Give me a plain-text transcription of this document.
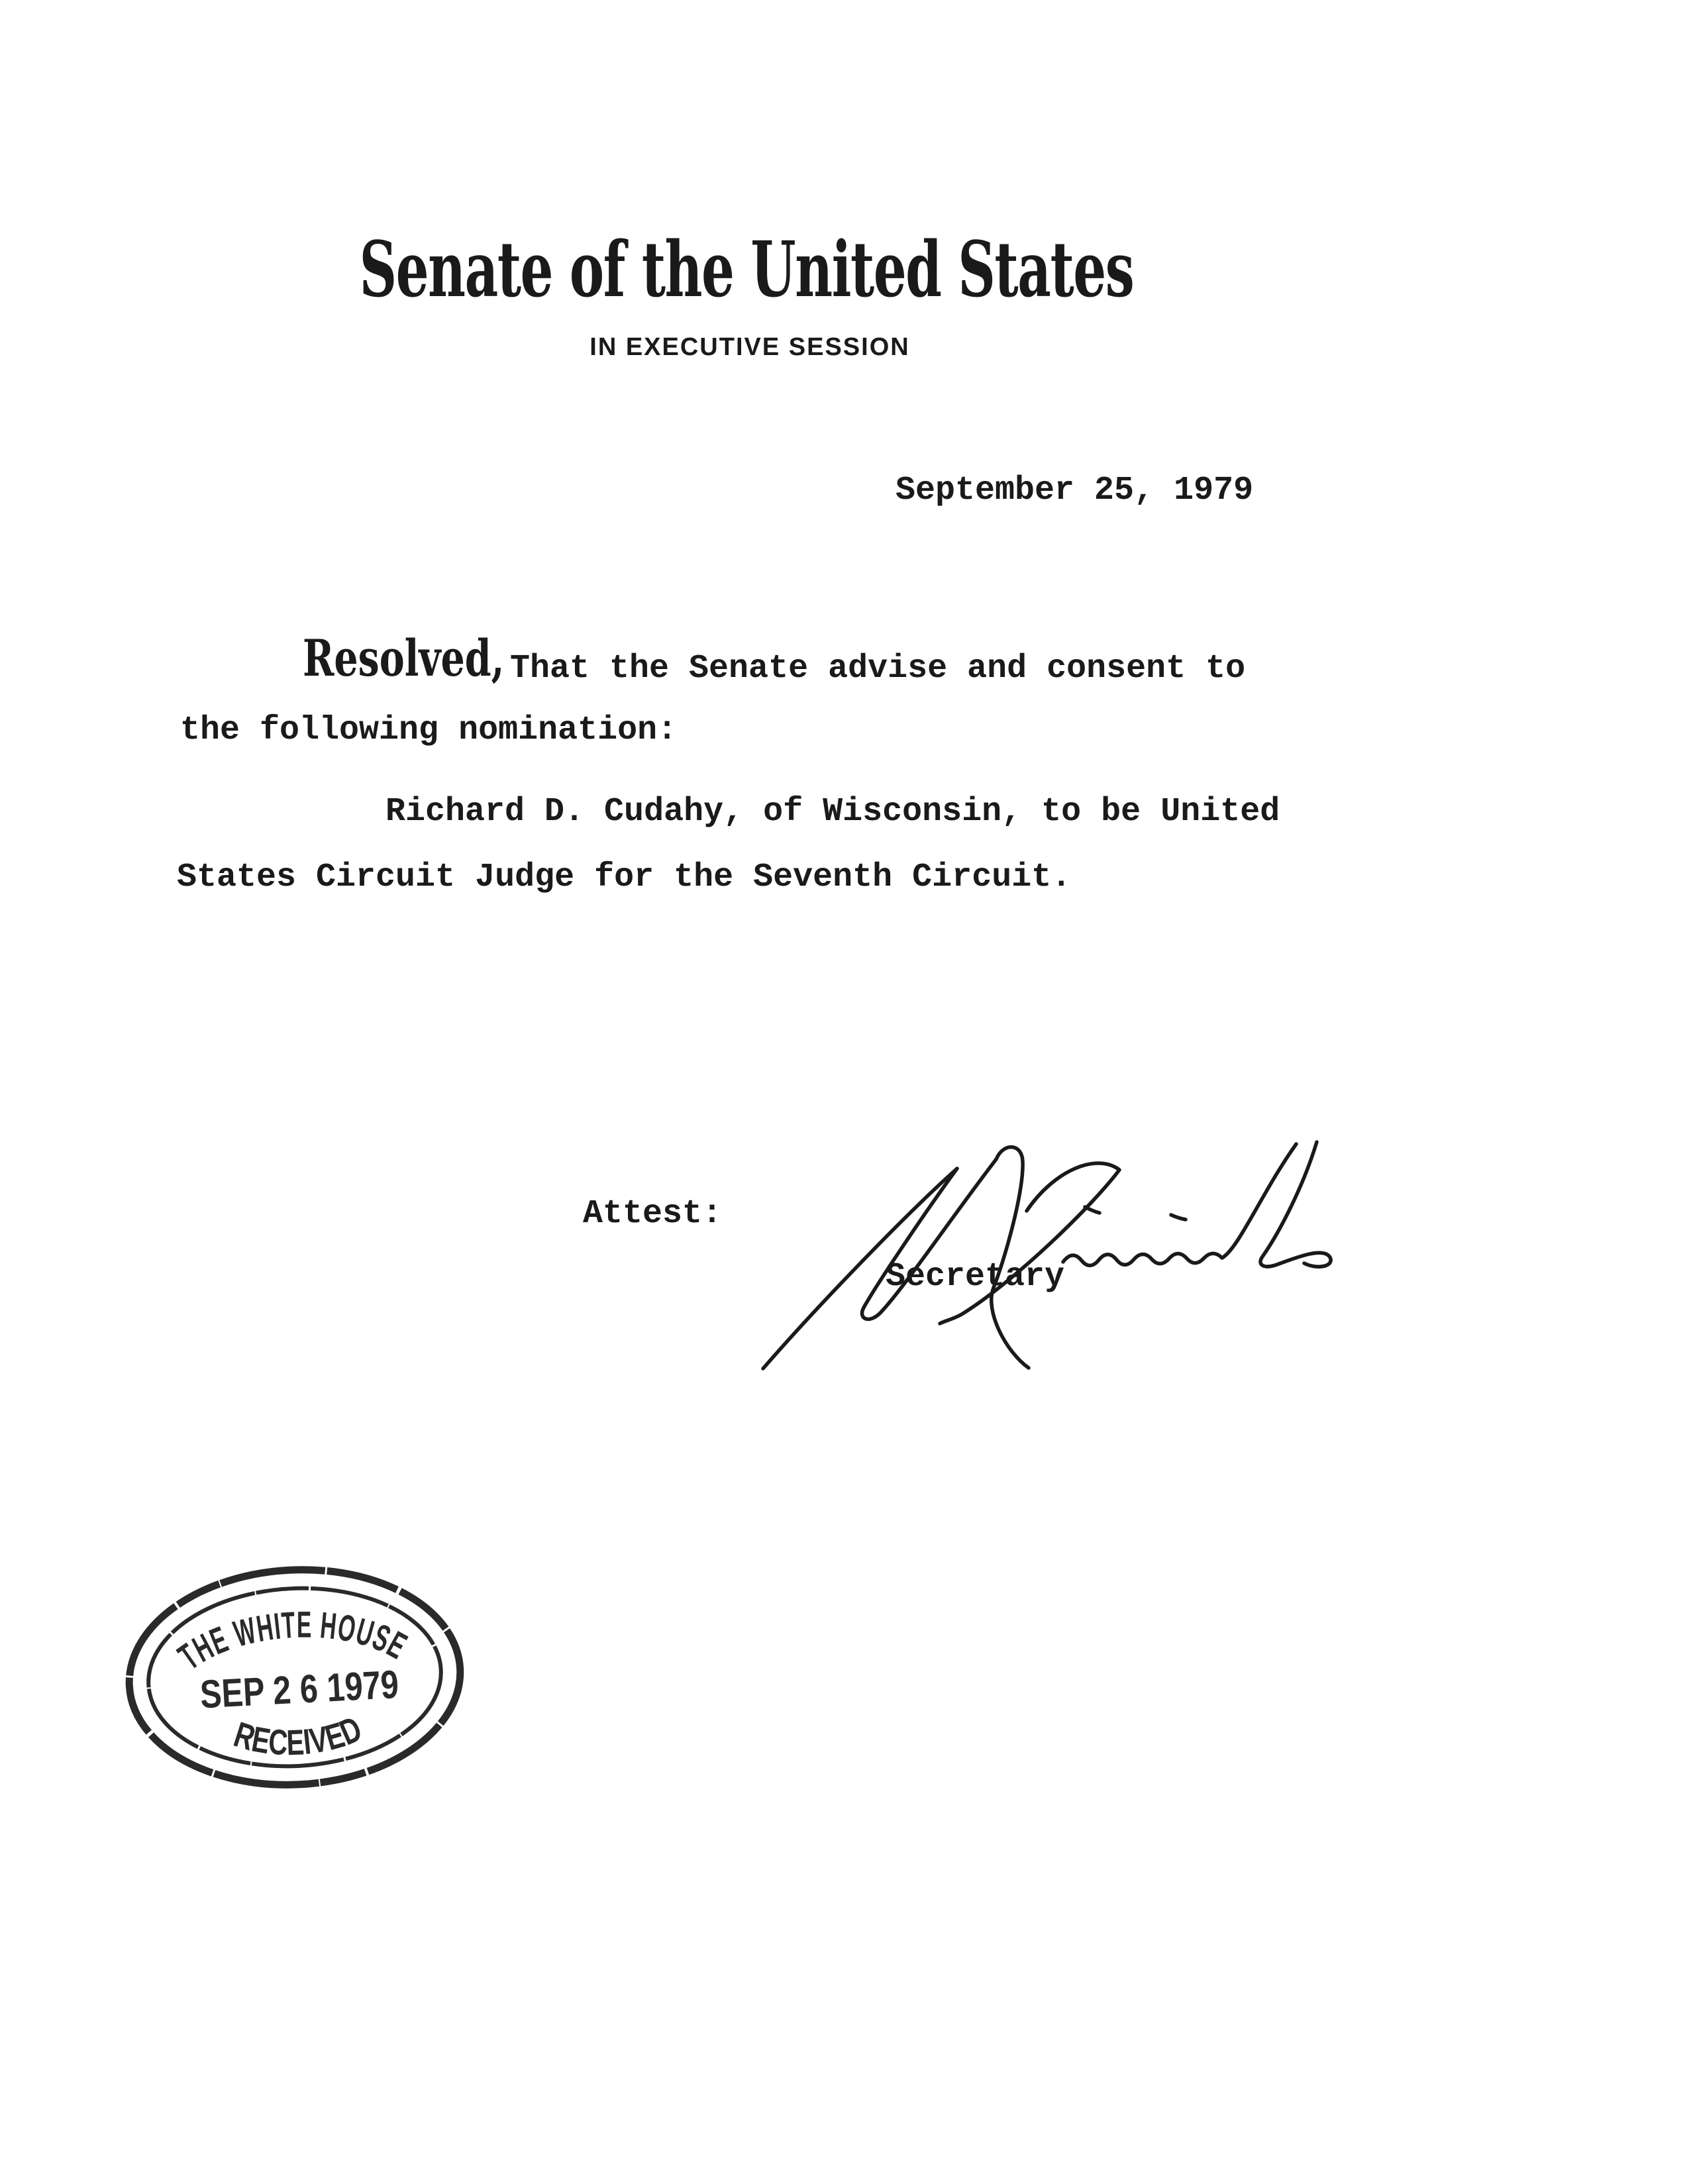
Senate of the United States
IN EXECUTIVE SESSION
September 25, 1979
Resolved, That the Senate advise and consent to
the following nomination:
Richard D. Cudahy, of Wisconsin, to be United
States Circuit Judge for the Seventh Circuit.
Attest:
Secretary
THE WHITE HOUSE
SEP 2 6 1979
RECEIVED
